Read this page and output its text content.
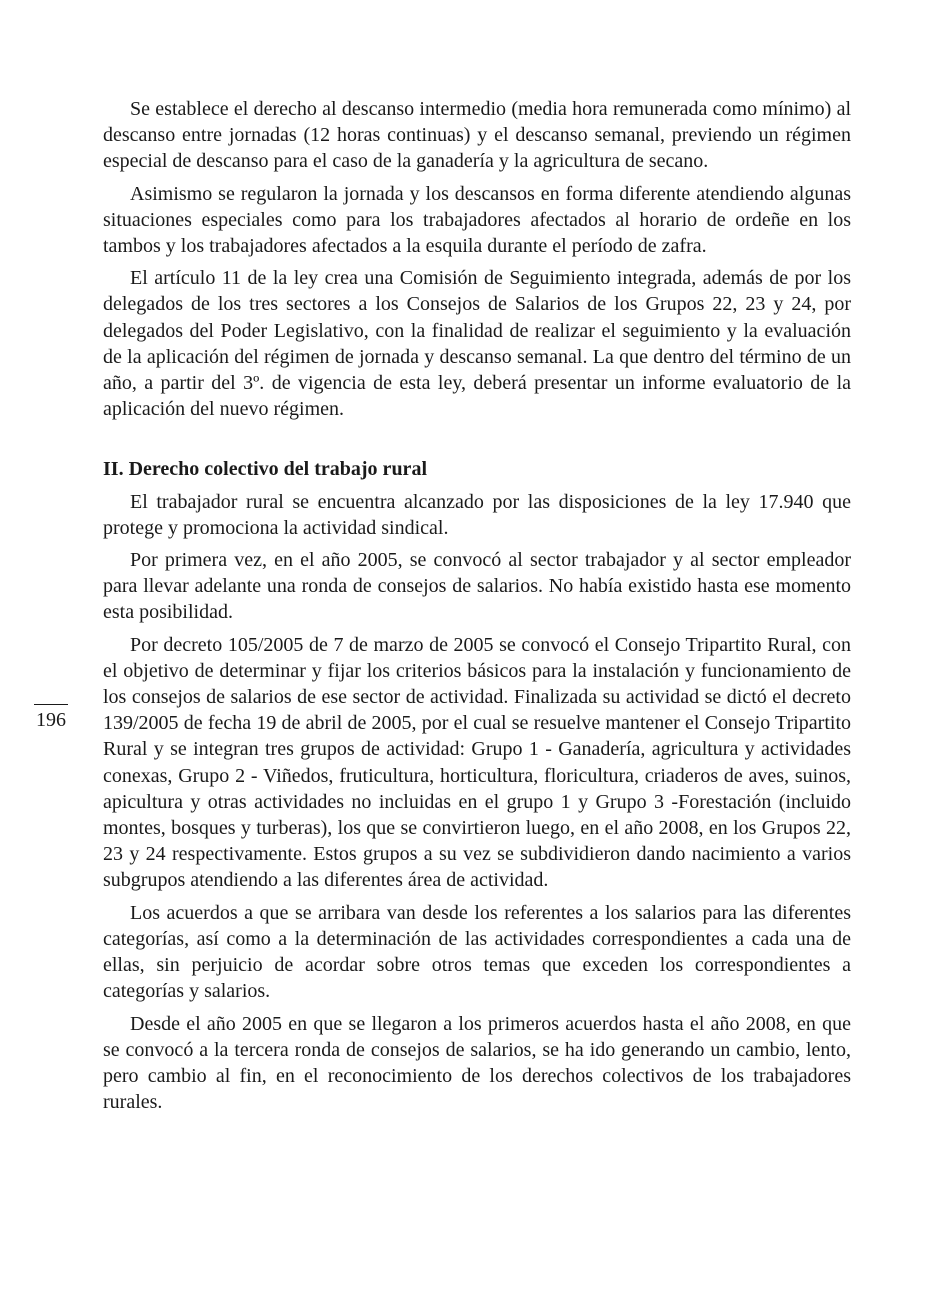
Se establece el derecho al descanso intermedio (media hora remunerada como mínimo) al descanso entre jornadas (12 horas continuas) y el descanso semanal, previendo un régimen especial de descanso para el caso de la ganadería y la agricultura de secano.

Asimismo se regularon la jornada y los descansos en forma diferente atendiendo algunas situaciones especiales como para los trabajadores afectados al horario de ordeñe en los tambos y los trabajadores afectados a la esquila durante el período de zafra.

El artículo 11 de la ley crea una Comisión de Seguimiento integrada, además de por los delegados de los tres sectores a los Consejos de Salarios de los Grupos 22, 23 y 24, por delegados del Poder Legislativo, con la finalidad de realizar el seguimiento y la evaluación de la aplicación del régimen de jornada y descanso semanal. La que dentro del término de un año, a partir del 3º. de vigencia de esta ley, deberá presentar un informe evaluatorio de la aplicación del nuevo régimen.

II. Derecho colectivo del trabajo rural

El trabajador rural se encuentra alcanzado por las disposiciones de la ley 17.940 que protege y promociona la actividad sindical.

Por primera vez, en el año 2005, se convocó al sector trabajador y al sector empleador para llevar adelante una ronda de consejos de salarios. No había existido hasta ese momento esta posibilidad.

Por decreto 105/2005 de 7 de marzo de 2005 se convocó el Consejo Tripartito Rural, con el objetivo de determinar y fijar los criterios básicos para la instalación y funcionamiento de los consejos de salarios de ese sector de actividad. Finalizada su actividad se dictó el decreto 139/2005 de fecha 19 de abril de 2005, por el cual se resuelve mantener el Consejo Tripartito Rural y se integran tres grupos de actividad: Grupo 1 - Ganadería, agricultura y actividades conexas, Grupo 2 - Viñedos, fruticultura, horticultura, floricultura, criaderos de aves, suinos, apicultura y otras actividades no incluidas en el grupo 1 y Grupo 3 -Forestación (incluido montes, bosques y turberas), los que se convirtieron luego, en el año 2008, en los Grupos 22, 23 y 24 respectivamente. Estos grupos a su vez se subdividieron dando nacimiento a varios subgrupos atendiendo a las diferentes área de actividad.

Los acuerdos a que se arribara van desde los referentes a los salarios para las diferentes categorías, así como a la determinación de las actividades correspondientes a cada una de ellas, sin perjuicio de acordar sobre otros temas que exceden los correspondientes a categorías y salarios.

Desde el año 2005 en que se llegaron a los primeros acuerdos hasta el año 2008, en que se convocó a la tercera ronda de consejos de salarios, se ha ido generando un cambio, lento, pero cambio al fin, en el reconocimiento de los derechos colectivos de los trabajadores rurales.

196
